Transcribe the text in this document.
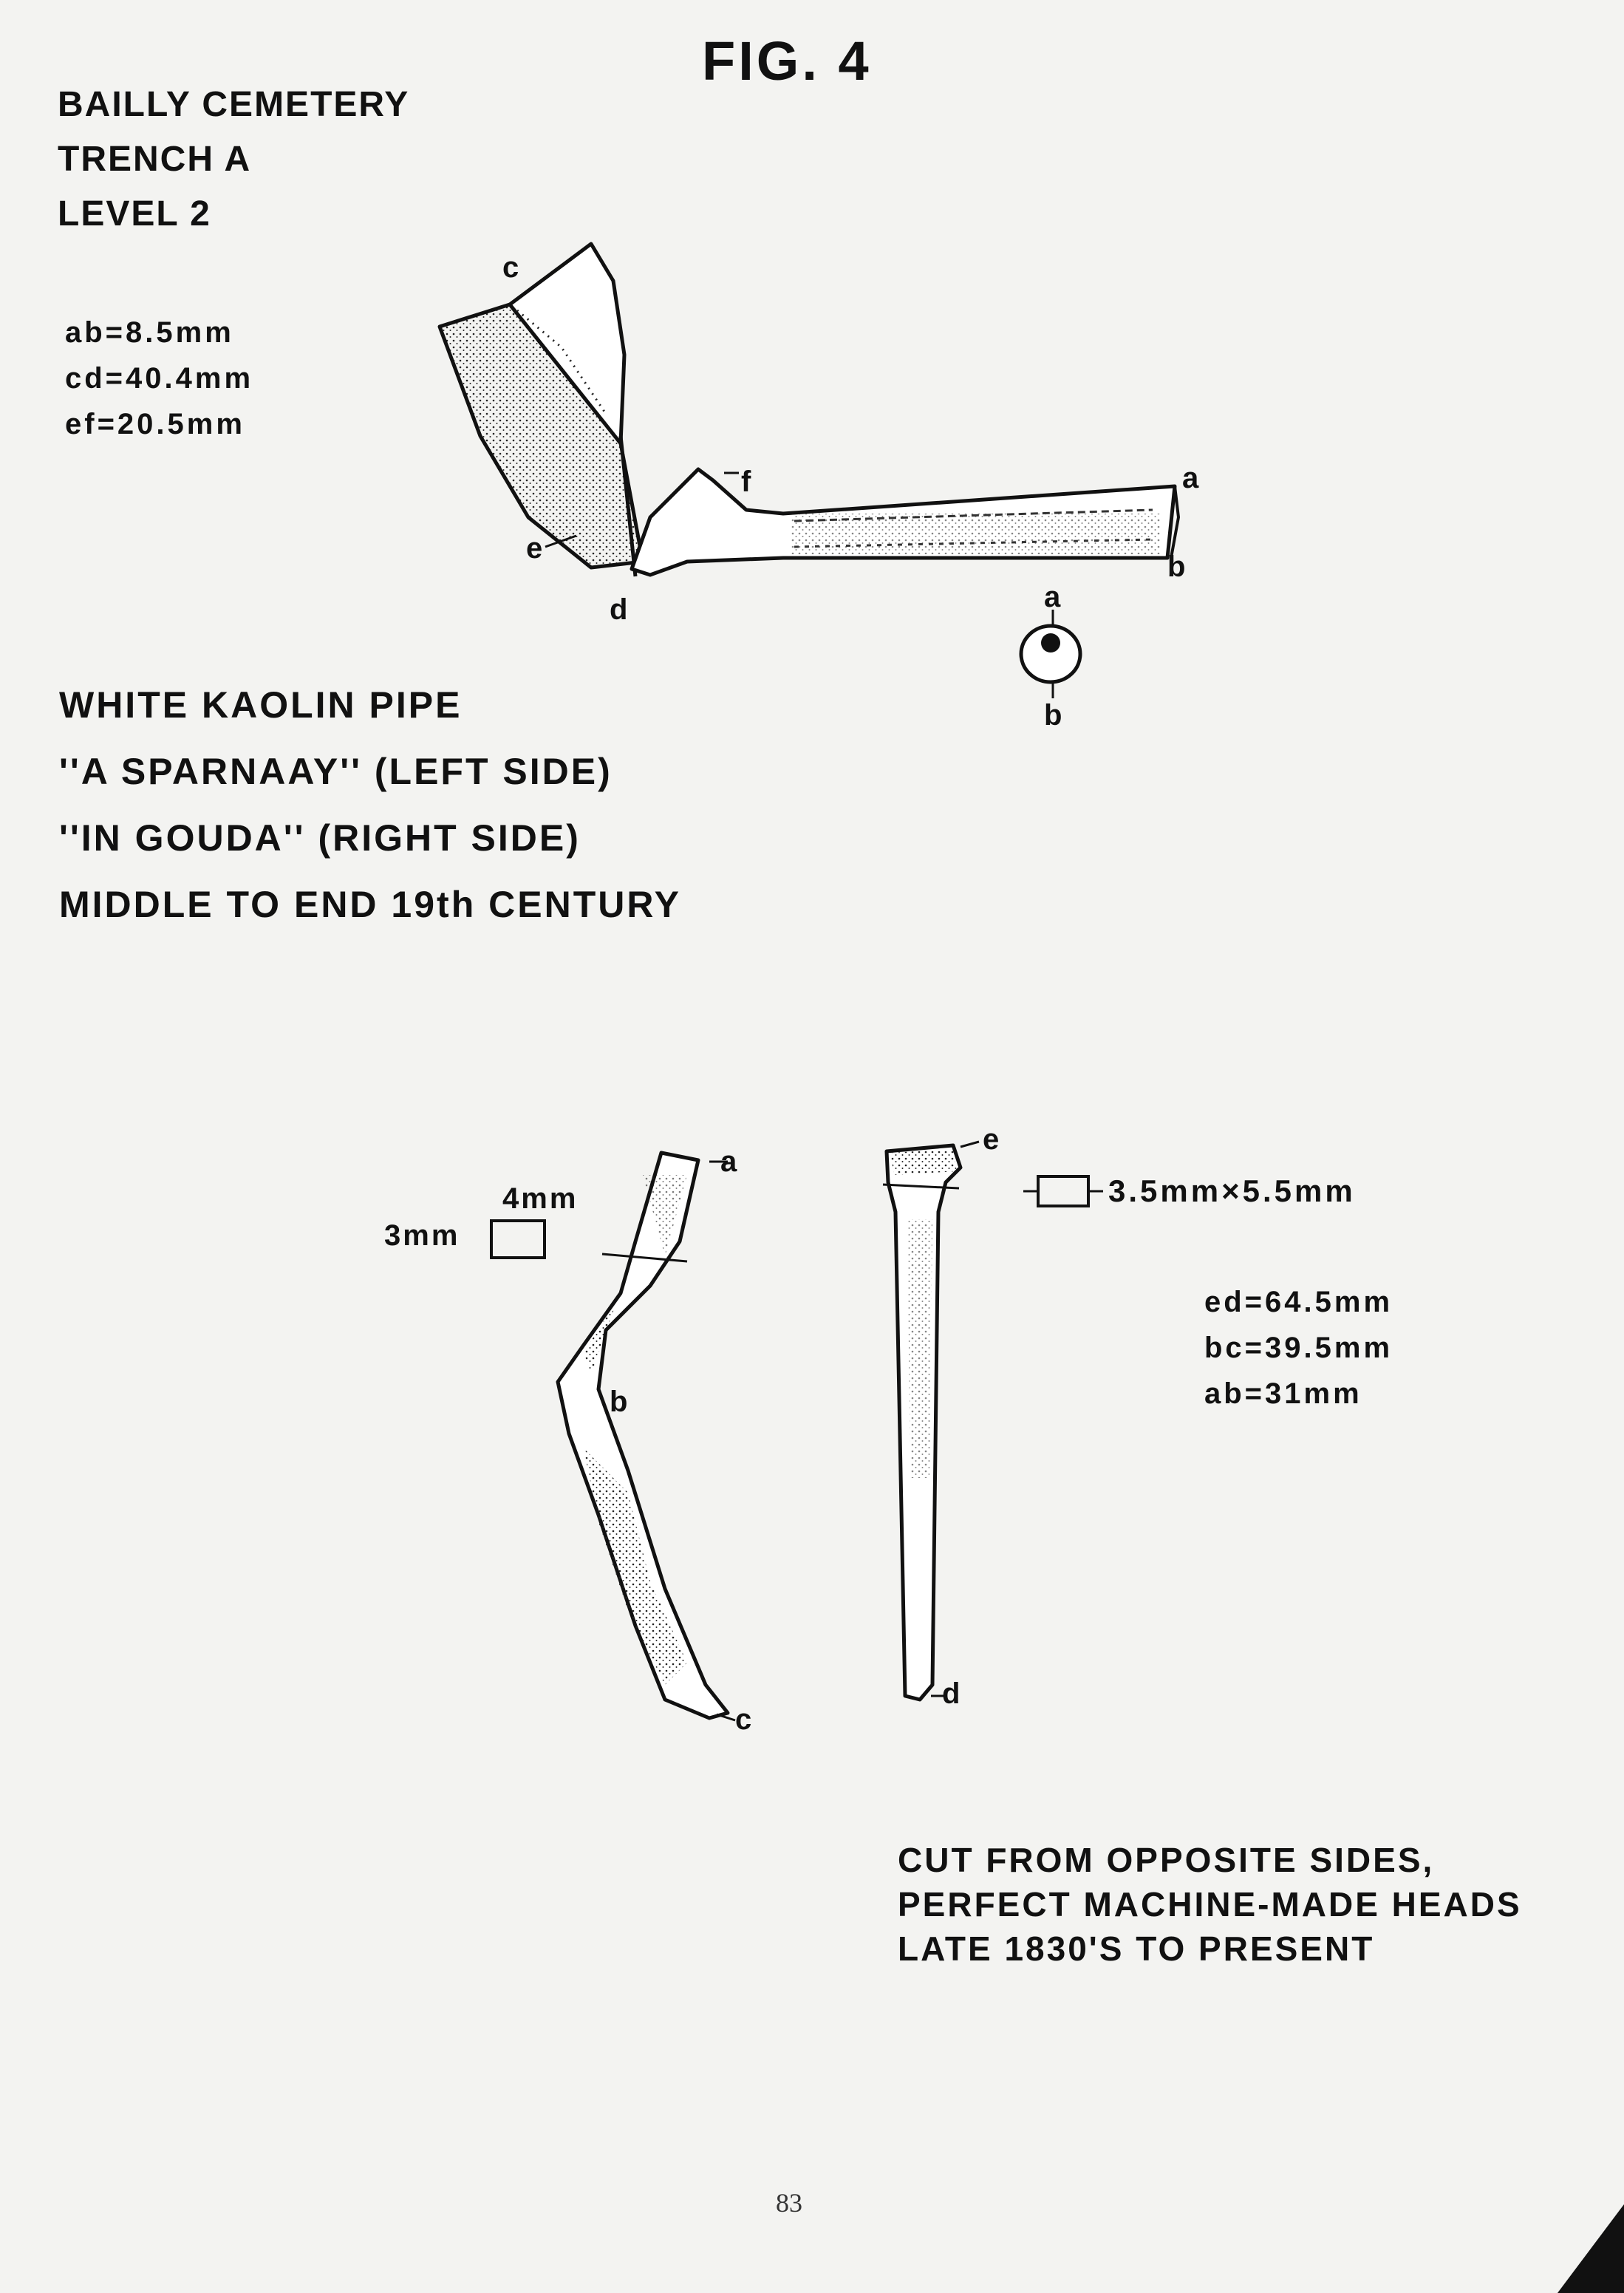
FIG. 4
BAILLY CEMETERY
TRENCH A
LEVEL 2
ab=8.5mm
cd=40.4mm
ef=20.5mm
c
f	a
b
e
d	a
b
WHITE KAOLIN PIPE
''A SPARNAAY'' (LEFT SIDE)
''IN GOUDA'' (RIGHT SIDE)
MIDDLE TO END 19th CENTURY
4mm
3mm
a
b
c
e
d
3.5mm×5.5mm
ed=64.5mm
bc=39.5mm
ab=31mm
CUT FROM OPPOSITE SIDES,
PERFECT MACHINE-MADE HEADS
LATE 1830'S TO PRESENT
83
